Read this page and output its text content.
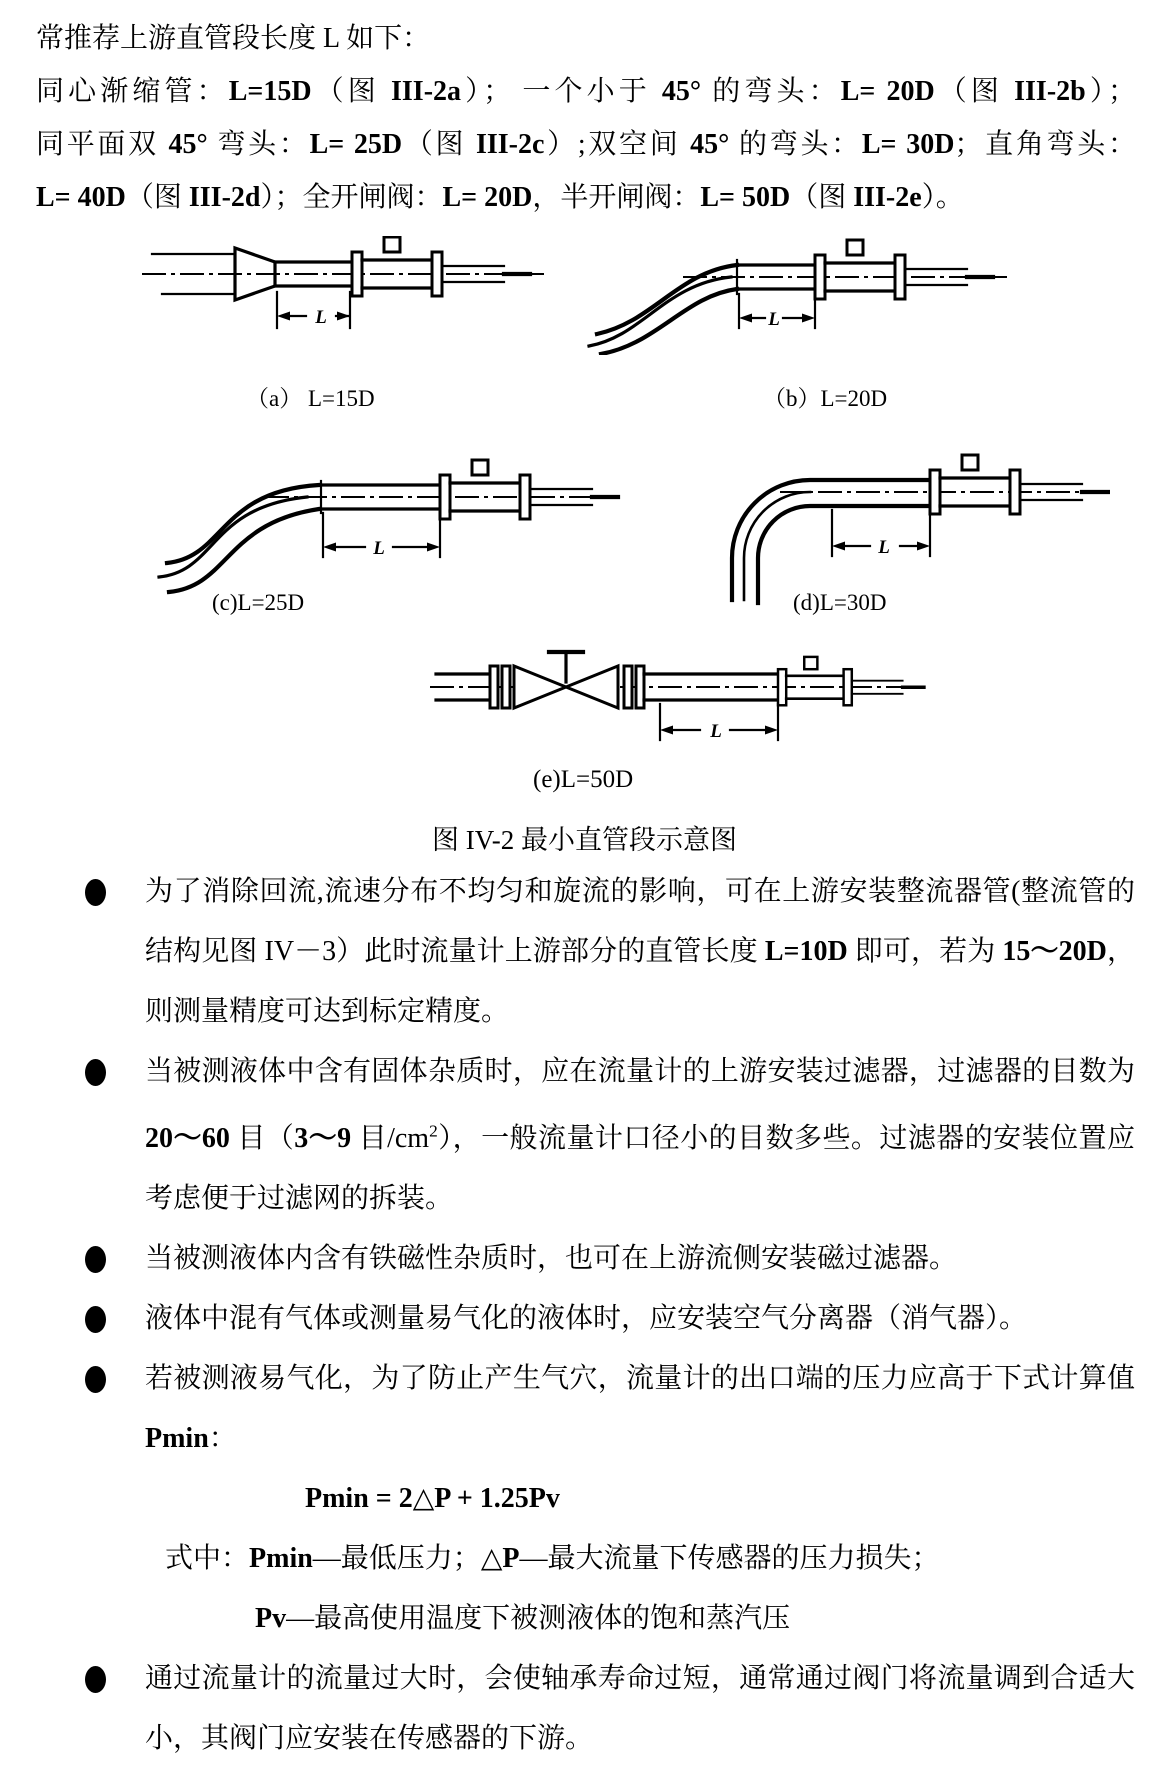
常推荐上游直管段长度 L 如下：
同心渐缩管：L=15D（图 III-2a）； 一个小于 45° 的弯头：L= 20D（图 III-2b）；
同平面双 45° 弯头：L= 25D（图 III-2c）;双空间 45° 的弯头：L= 30D；直角弯头：
L= 40D（图 III-2d）；全开闸阀：L= 20D，半开闸阀：L= 50D（图 III-2e）。
L	L
（a） L=15D	（b）L=20D
L	L
(c)L=25D	(d)L=30D
L
(e)L=50D
图 IV-2 最小直管段示意图
为了消除回流,流速分布不均匀和旋流的影响，可在上游安装整流器管(整流管的结构见图 IV－3）此时流量计上游部分的直管长度 L=10D 即可，若为 15～20D，则测量精度可达到标定精度。
当被测液体中含有固体杂质时，应在流量计的上游安装过滤器，过滤器的目数为 20～60 目（3～9 目$/cm^2$），一般流量计口径小的目数多些。过滤器的安装位置应考虑便于过滤网的拆装。
当被测液体内含有铁磁性杂质时，也可在上游流侧安装磁过滤器。
液体中混有气体或测量易气化的液体时，应安装空气分离器（消气器）。
若被测液易气化，为了防止产生气穴，流量计的出口端的压力应高于下式计算值 Pmin：
Pmin = 2△P + 1.25Pv
式中：Pmin—最低压力；△P—最大流量下传感器的压力损失；
Pv—最高使用温度下被测液体的饱和蒸汽压
通过流量计的流量过大时，会使轴承寿命过短，通常通过阀门将流量调到合适大小，其阀门应安装在传感器的下游。
